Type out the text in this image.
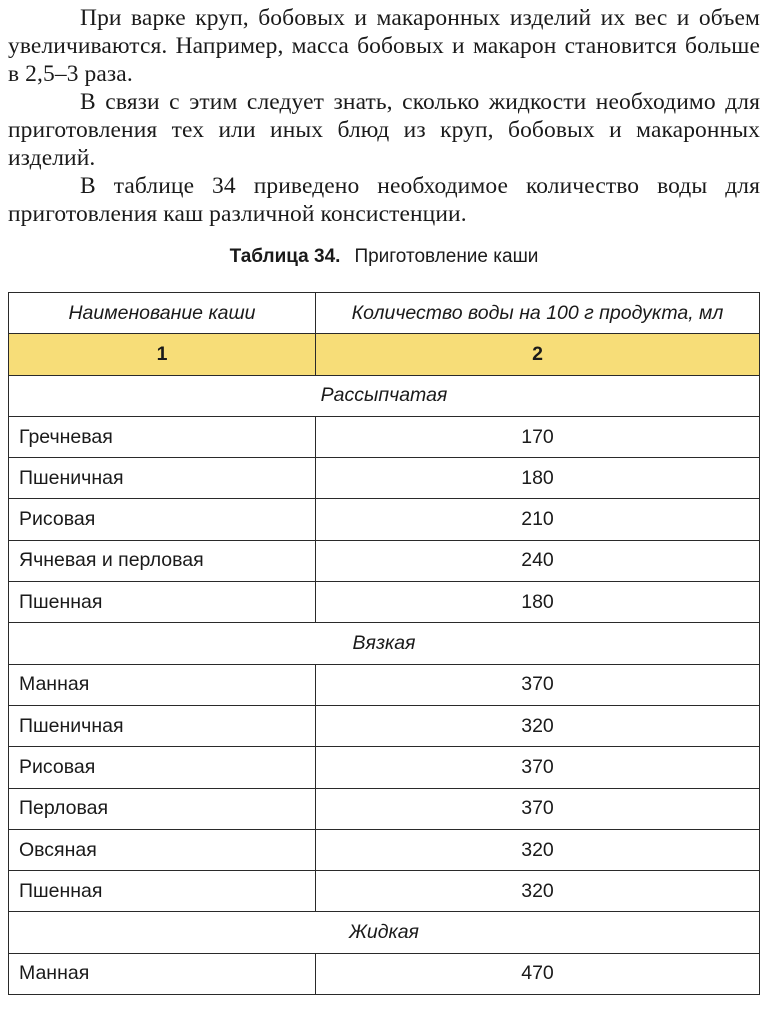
При варке круп, бобовых и макаронных изделий их вес и объем увеличиваются. Например, масса бобовых и макарон становится больше в 2,5–3 раза.

В связи с этим следует знать, сколько жидкости необходимо для приготовления тех или иных блюд из круп, бобовых и макаронных изделий.

В таблице 34 приведено необходимое количество воды для приготовления каш различной консистенции.

Таблица 34. Приготовление каши
Наименование каши	Количество воды на 100 г продукта, мл
1	2
Рассыпчатая	
Гречневая	170
Пшеничная	180
Рисовая	210
Ячневая и перловая	240
Пшенная	180
Вязкая	
Манная	370
Пшеничная	320
Рисовая	370
Перловая	370
Овсяная	320
Пшенная	320
Жидкая	
Манная	470
